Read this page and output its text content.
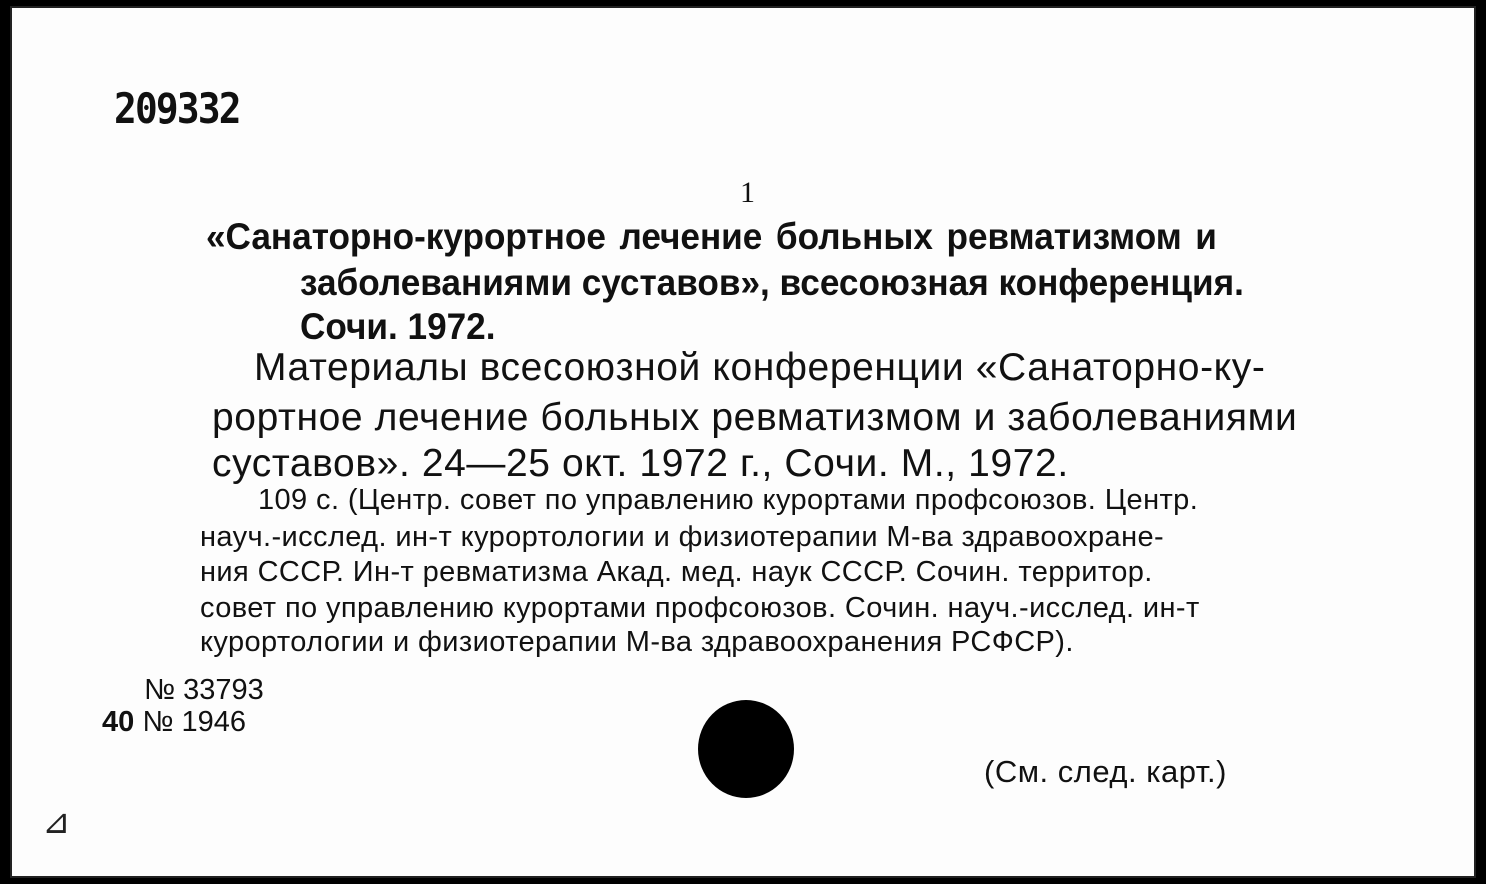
209332
1
«Санаторно-курортное лечение больных ревматизмом и
заболеваниями суставов», всесоюзная конференция.
Сочи. 1972.
Материалы всесоюзной конференции «Санаторно-ку-
рортное лечение больных ревматизмом и заболеваниями
суставов». 24—25 окт. 1972 г., Сочи. М., 1972.
109 с. (Центр. совет по управлению курортами профсоюзов. Центр.
науч.-исслед. ин-т курортологии и физиотерапии М-ва здравоохране-
ния СССР. Ин-т ревматизма Акад. мед. наук СССР. Сочин. территор.
совет по управлению курортами профсоюзов. Сочин. науч.-исслед. ин-т
курортологии и физиотерапии М-ва здравоохранения РСФСР).
№ 33793
40 № 1946
(См. след. карт.)
⊿
